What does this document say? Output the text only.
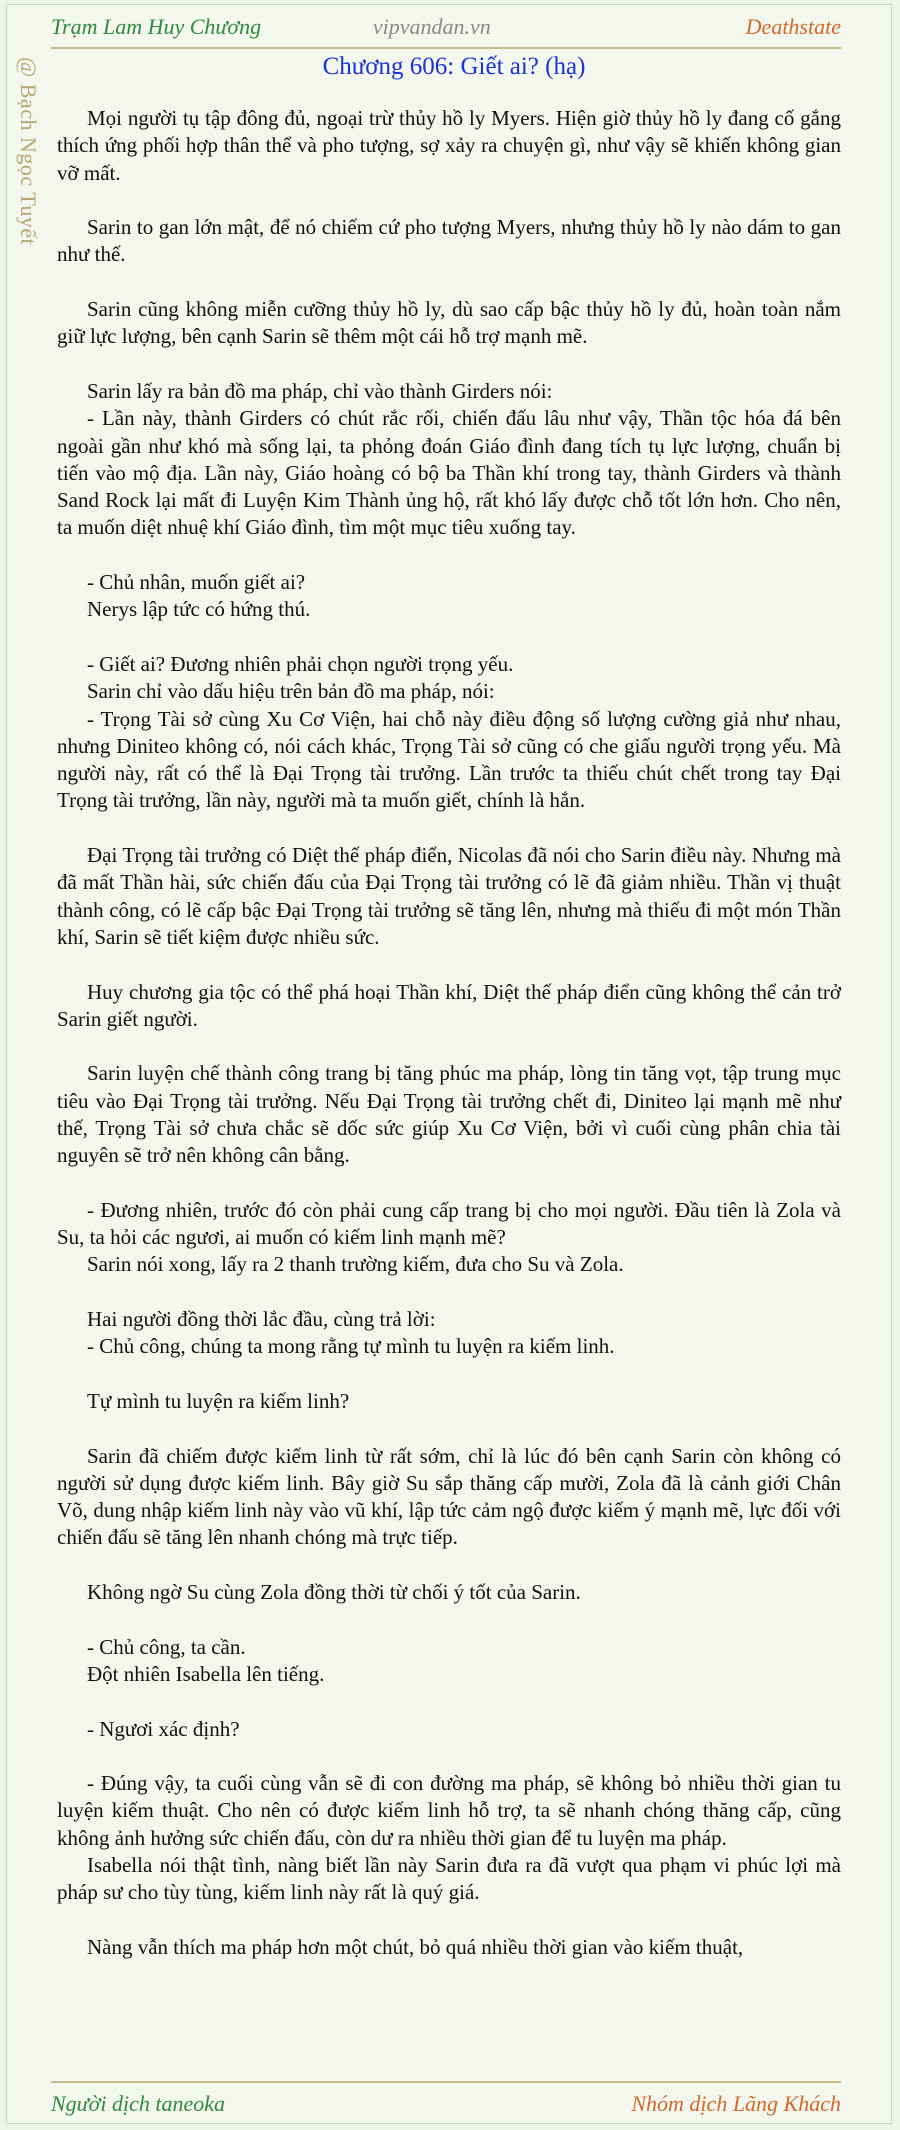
Trạm Lam Huy Chương	vipvandan.vn	Deathstate
@ Bạch Ngọc Tuyết	Chương 606: Giết ai? (hạ)

Mọi người tụ tập đông đủ, ngoại trừ thủy hồ ly Myers. Hiện giờ thủy hồ ly đang cố gắng thích ứng phối hợp thân thể và pho tượng, sợ xảy ra chuyện gì, như vậy sẽ khiến không gian vỡ mất.

Sarin to gan lớn mật, để nó chiếm cứ pho tượng Myers, nhưng thủy hồ ly nào dám to gan như thế.

Sarin cũng không miễn cưỡng thủy hồ ly, dù sao cấp bậc thủy hồ ly đủ, hoàn toàn nắm giữ lực lượng, bên cạnh Sarin sẽ thêm một cái hỗ trợ mạnh mẽ.

Sarin lấy ra bản đồ ma pháp, chỉ vào thành Girders nói:
- Lần này, thành Girders có chút rắc rối, chiến đấu lâu như vậy, Thần tộc hóa đá bên ngoài gần như khó mà sống lại, ta phỏng đoán Giáo đình đang tích tụ lực lượng, chuẩn bị tiến vào mộ địa. Lần này, Giáo hoàng có bộ ba Thần khí trong tay, thành Girders và thành Sand Rock lại mất đi Luyện Kim Thành ủng hộ, rất khó lấy được chỗ tốt lớn hơn. Cho nên, ta muốn diệt nhuệ khí Giáo đình, tìm một mục tiêu xuống tay.

- Chủ nhân, muốn giết ai?
Nerys lập tức có hứng thú.

- Giết ai? Đương nhiên phải chọn người trọng yếu.
Sarin chỉ vào dấu hiệu trên bản đồ ma pháp, nói:
- Trọng Tài sở cùng Xu Cơ Viện, hai chỗ này điều động số lượng cường giả như nhau, nhưng Diniteo không có, nói cách khác, Trọng Tài sở cũng có che giấu người trọng yếu. Mà người này, rất có thể là Đại Trọng tài trưởng. Lần trước ta thiếu chút chết trong tay Đại Trọng tài trưởng, lần này, người mà ta muốn giết, chính là hắn.

Đại Trọng tài trưởng có Diệt thế pháp điển, Nicolas đã nói cho Sarin điều này. Nhưng mà đã mất Thần hài, sức chiến đấu của Đại Trọng tài trưởng có lẽ đã giảm nhiều. Thần vị thuật thành công, có lẽ cấp bậc Đại Trọng tài trưởng sẽ tăng lên, nhưng mà thiếu đi một món Thần khí, Sarin sẽ tiết kiệm được nhiều sức.

Huy chương gia tộc có thể phá hoại Thần khí, Diệt thế pháp điển cũng không thể cản trở Sarin giết người.

Sarin luyện chế thành công trang bị tăng phúc ma pháp, lòng tin tăng vọt, tập trung mục tiêu vào Đại Trọng tài trưởng. Nếu Đại Trọng tài trưởng chết đi, Diniteo lại mạnh mẽ như thế, Trọng Tài sở chưa chắc sẽ dốc sức giúp Xu Cơ Viện, bởi vì cuối cùng phân chia tài nguyên sẽ trở nên không cân bằng.

- Đương nhiên, trước đó còn phải cung cấp trang bị cho mọi người. Đầu tiên là Zola và Su, ta hỏi các ngươi, ai muốn có kiếm linh mạnh mẽ?
Sarin nói xong, lấy ra 2 thanh trường kiếm, đưa cho Su và Zola.

Hai người đồng thời lắc đầu, cùng trả lời:
- Chủ công, chúng ta mong rằng tự mình tu luyện ra kiếm linh.

Tự mình tu luyện ra kiếm linh?

Sarin đã chiếm được kiếm linh từ rất sớm, chỉ là lúc đó bên cạnh Sarin còn không có người sử dụng được kiếm linh. Bây giờ Su sắp thăng cấp mười, Zola đã là cảnh giới Chân Võ, dung nhập kiếm linh này vào vũ khí, lập tức cảm ngộ được kiếm ý mạnh mẽ, lực đối với chiến đấu sẽ tăng lên nhanh chóng mà trực tiếp.

Không ngờ Su cùng Zola đồng thời từ chối ý tốt của Sarin.

- Chủ công, ta cần.
Đột nhiên Isabella lên tiếng.

- Ngươi xác định?

- Đúng vậy, ta cuối cùng vẫn sẽ đi con đường ma pháp, sẽ không bỏ nhiều thời gian tu luyện kiếm thuật. Cho nên có được kiếm linh hỗ trợ, ta sẽ nhanh chóng thăng cấp, cũng không ảnh hưởng sức chiến đấu, còn dư ra nhiều thời gian để tu luyện ma pháp.
Isabella nói thật tình, nàng biết lần này Sarin đưa ra đã vượt qua phạm vi phúc lợi mà pháp sư cho tùy tùng, kiếm linh này rất là quý giá.

Nàng vẫn thích ma pháp hơn một chút, bỏ quá nhiều thời gian vào kiếm thuật,

Người dịch taneoka	Nhóm dịch Lãng Khách
